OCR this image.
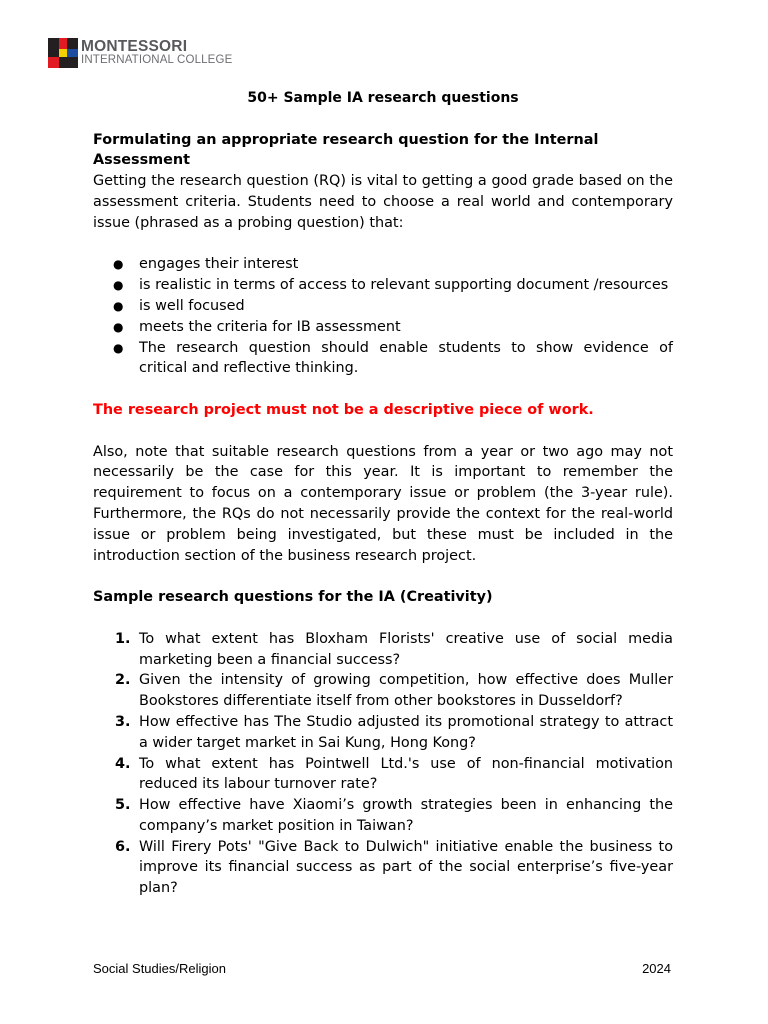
MONTESSORI
INTERNATIONAL COLLEGE

50+ Sample IA research questions

Formulating an appropriate research question for the Internal Assessment

Getting the research question (RQ) is vital to getting a good grade based on the assessment criteria. Students need to choose a real world and contemporary issue (phrased as a probing question) that:

● engages their interest
● is realistic in terms of access to relevant supporting document /resources
● is well focused
● meets the criteria for IB assessment
● The research question should enable students to show evidence of critical and reflective thinking.

The research project must not be a descriptive piece of work.

Also, note that suitable research questions from a year or two ago may not necessarily be the case for this year. It is important to remember the requirement to focus on a contemporary issue or problem (the 3-year rule). Furthermore, the RQs do not necessarily provide the context for the real-world issue or problem being investigated, but these must be included in the introduction section of the business research project.

Sample research questions for the IA (Creativity)

1. To what extent has Bloxham Florists' creative use of social media marketing been a financial success?
2. Given the intensity of growing competition, how effective does Muller Bookstores differentiate itself from other bookstores in Dusseldorf?
3. How effective has The Studio adjusted its promotional strategy to attract a wider target market in Sai Kung, Hong Kong?
4. To what extent has Pointwell Ltd.'s use of non-financial motivation reduced its labour turnover rate?
5. How effective have Xiaomi’s growth strategies been in enhancing the company’s market position in Taiwan?
6. Will Firery Pots' "Give Back to Dulwich" initiative enable the business to improve its financial success as part of the social enterprise’s five-year plan?
Social Studies/Religion	2024
